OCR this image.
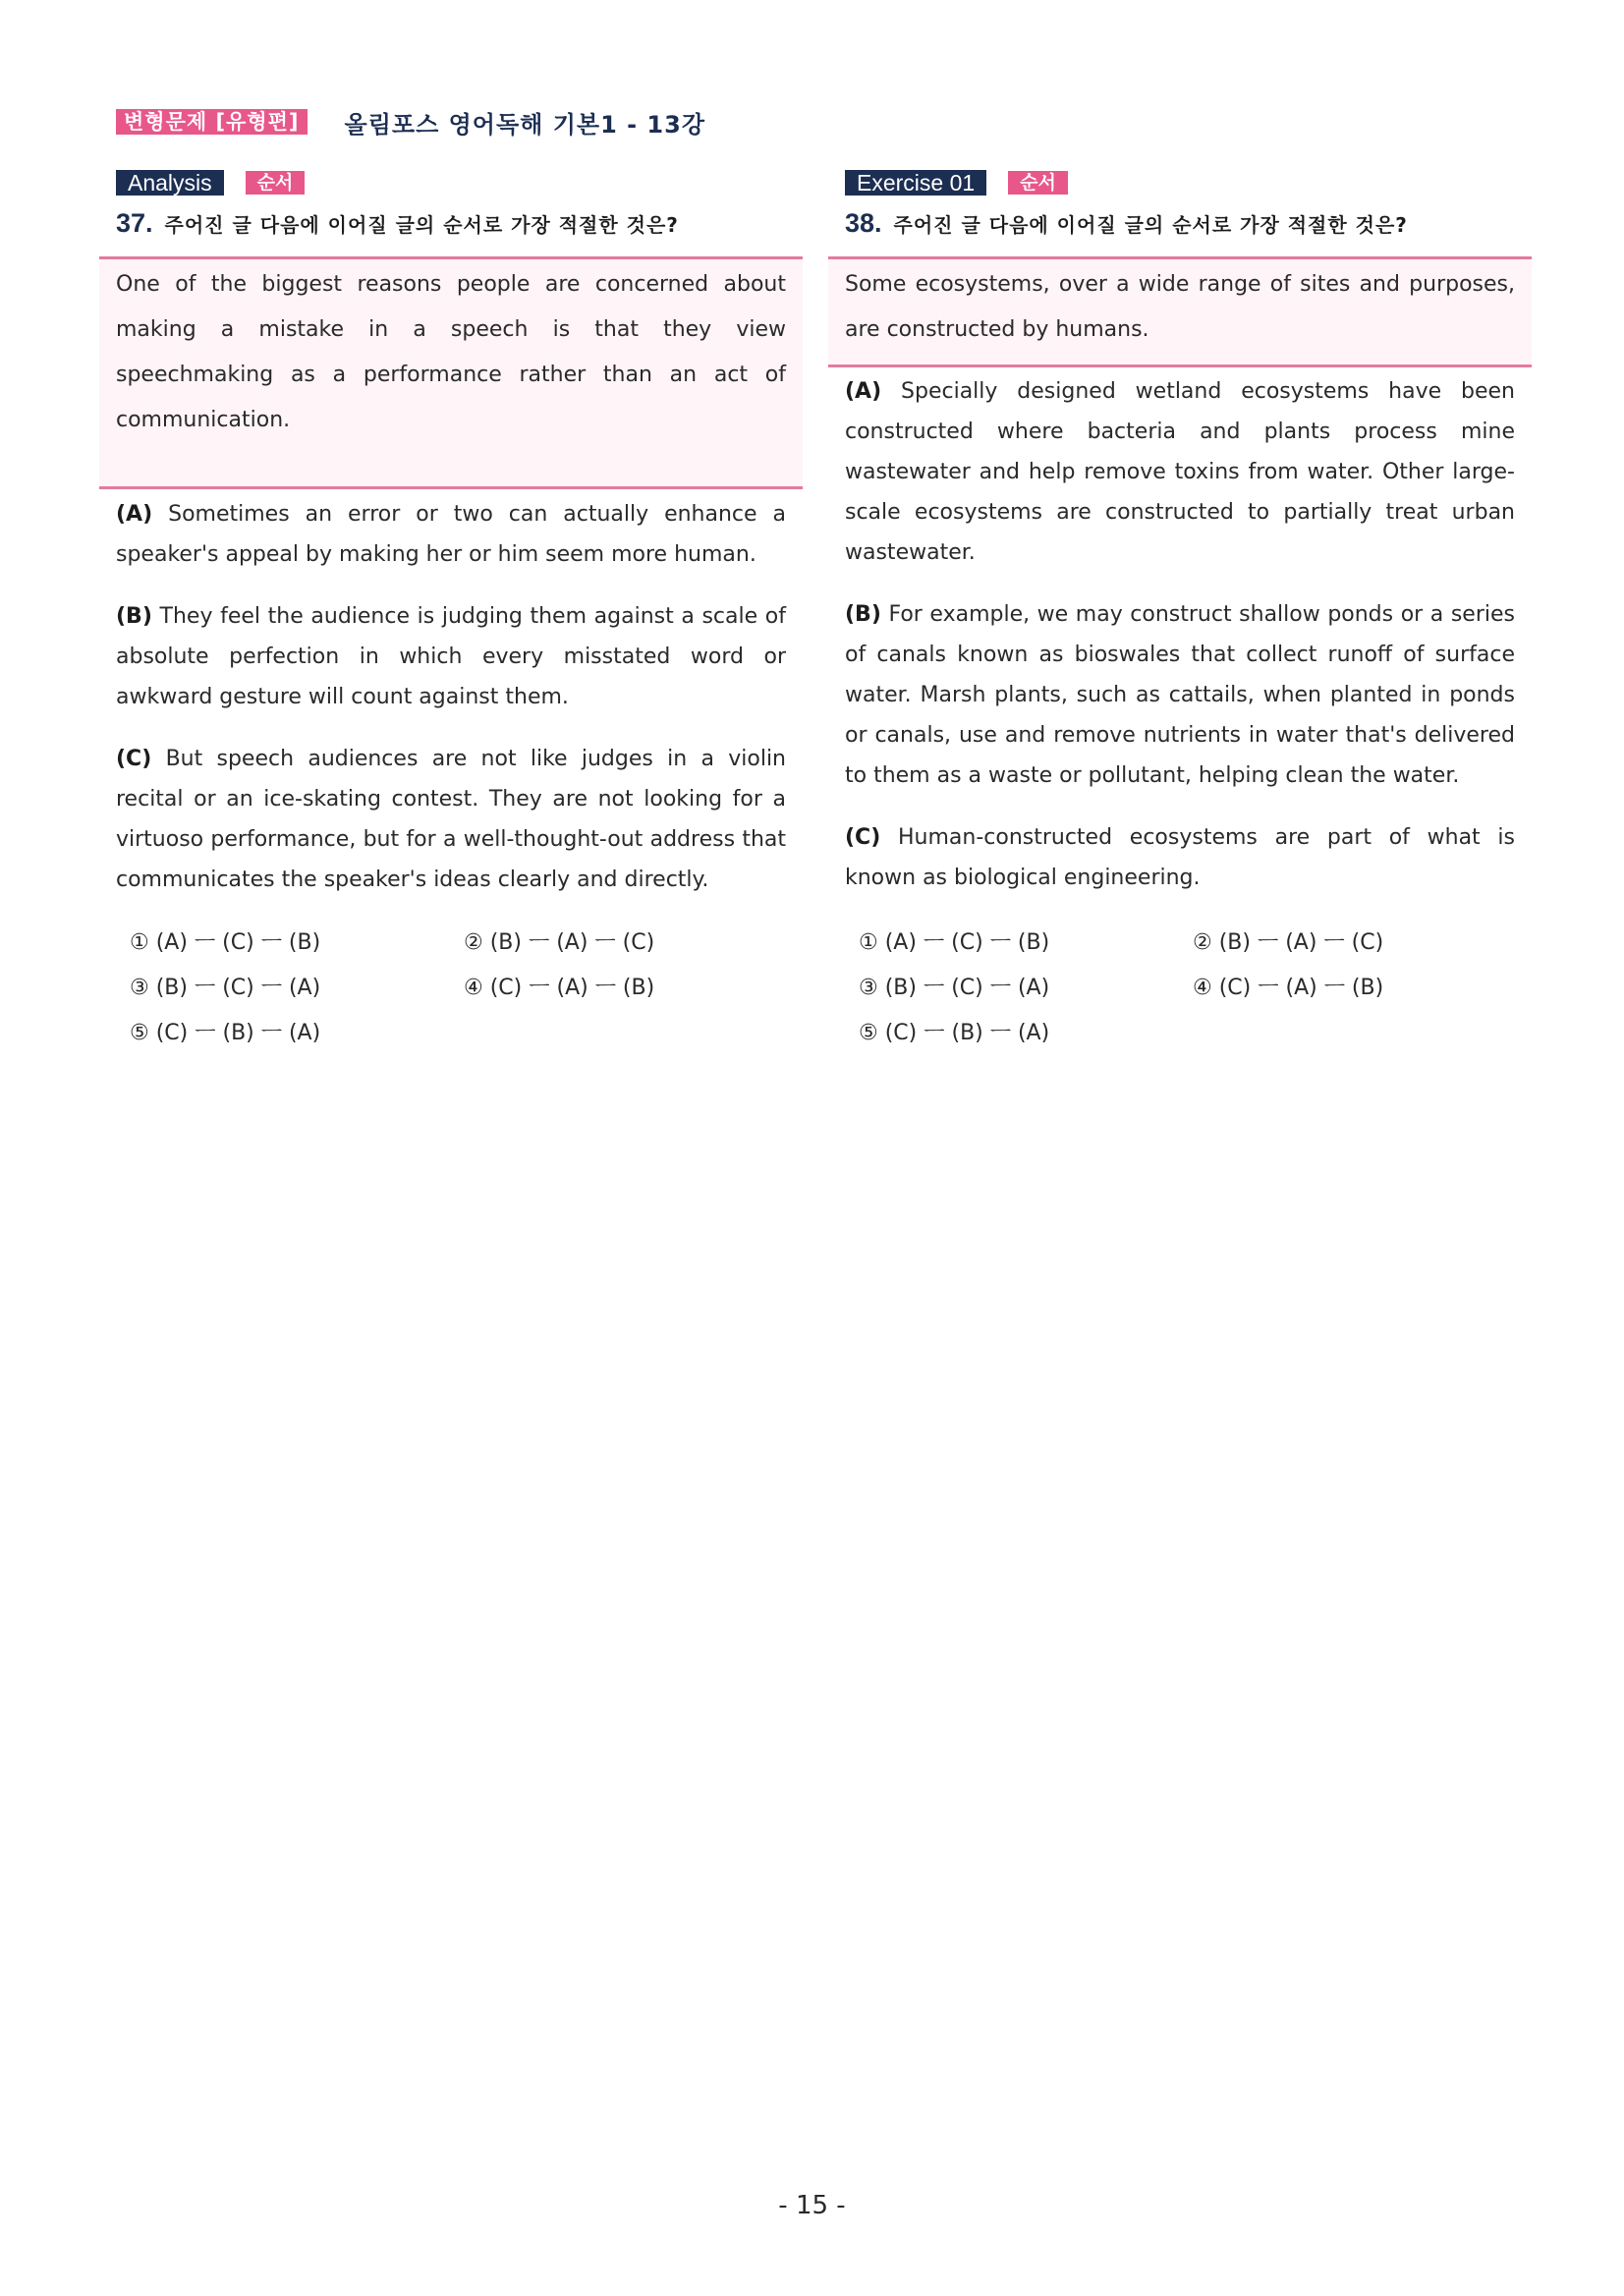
변형문제 [유형편]	올림포스 영어독해 기본1 - 13강
Analysis	순서
37. 주어진 글 다음에 이어질 글의 순서로 가장 적절한 것은?
One of the biggest reasons people are concerned about making a mistake in a speech is that they view speechmaking as a performance rather than an act of communication.

(A) Sometimes an error or two can actually enhance a speaker's appeal by making her or him seem more human.

(B) They feel the audience is judging them against a scale of absolute perfection in which every misstated word or awkward gesture will count against them.

(C) But speech audiences are not like judges in a violin recital or an ice-skating contest. They are not looking for a virtuoso performance, but for a well-thought-out address that communicates the speaker's ideas clearly and directly.

① (A) ㅡ (C) ㅡ (B)	② (B) ㅡ (A) ㅡ (C)
③ (B) ㅡ (C) ㅡ (A)	④ (C) ㅡ (A) ㅡ (B)
⑤ (C) ㅡ (B) ㅡ (A)
Exercise 01	순서
38. 주어진 글 다음에 이어질 글의 순서로 가장 적절한 것은?
Some ecosystems, over a wide range of sites and purposes, are constructed by humans.

(A) Specially designed wetland ecosystems have been constructed where bacteria and plants process mine wastewater and help remove toxins from water. Other large-scale ecosystems are constructed to partially treat urban wastewater.

(B) For example, we may construct shallow ponds or a series of canals known as bioswales that collect runoff of surface water. Marsh plants, such as cattails, when planted in ponds or canals, use and remove nutrients in water that's delivered to them as a waste or pollutant, helping clean the water.

(C) Human-constructed ecosystems are part of what is known as biological engineering.

① (A) ㅡ (C) ㅡ (B)	② (B) ㅡ (A) ㅡ (C)
③ (B) ㅡ (C) ㅡ (A)	④ (C) ㅡ (A) ㅡ (B)
⑤ (C) ㅡ (B) ㅡ (A)
- 15 -
